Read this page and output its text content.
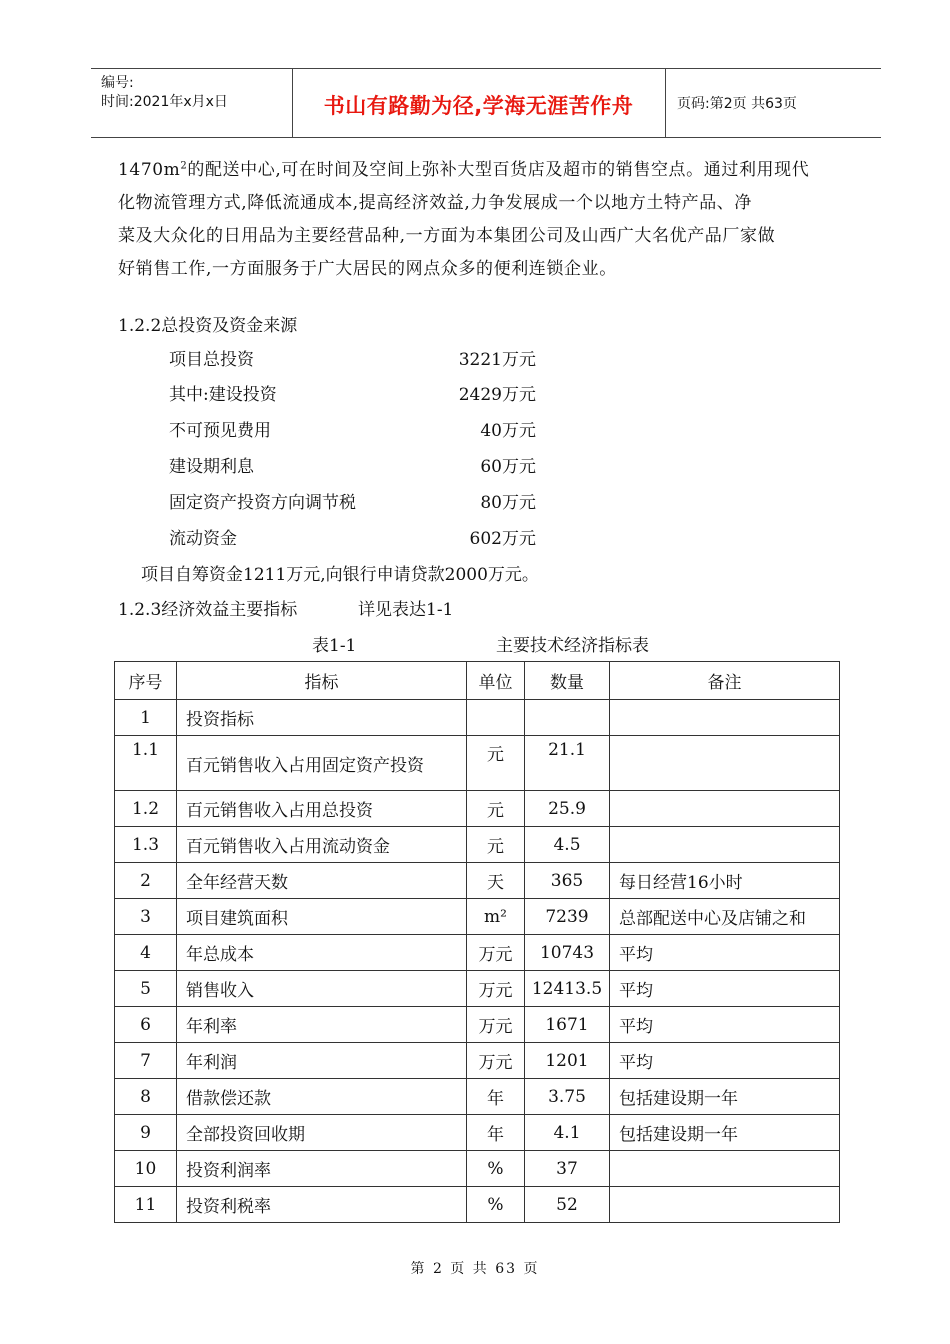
编号:
时间:2021年x月x日	书山有路勤为径,学海无涯苦作舟	页码:第2页 共63页
$1470m^2$的配送中心,可在时间及空间上弥补大型百货店及超市的销售空点。通过利用现代
化物流管理方式,降低流通成本,提高经济效益,力争发展成一个以地方土特产品、净
菜及大众化的日用品为主要经营品种,一方面为本集团公司及山西广大名优产品厂家做
好销售工作,一方面服务于广大居民的网点众多的便利连锁企业。
1.2.2总投资及资金来源
项目总投资	3221万元
其中:建设投资	2429万元
不可预见费用	40万元
建设期利息	60万元
固定资产投资方向调节税	80万元
流动资金	602万元
项目自筹资金1211万元,向银行申请贷款2000万元。
1.2.3经济效益主要指标	详见表达1-1
表1-1	主要技术经济指标表
序号	指标	单位	数量	备注
1	投资指标			
1.1	百元销售收入占用固定资产投资	元	21.1	
1.2	百元销售收入占用总投资	元	25.9	
1.3	百元销售收入占用流动资金	元	4.5	
2	全年经营天数	天	365	每日经营16小时
3	项目建筑面积	m²	7239	总部配送中心及店铺之和
4	年总成本	万元	10743	平均
5	销售收入	万元	12413.5	平均
6	年利率	万元	1671	平均
7	年利润	万元	1201	平均
8	借款偿还款	年	3.75	包括建设期一年
9	全部投资回收期	年	4.1	包括建设期一年
10	投资利润率	%	37	
11	投资利税率	%	52	
第 2 页 共 63 页
